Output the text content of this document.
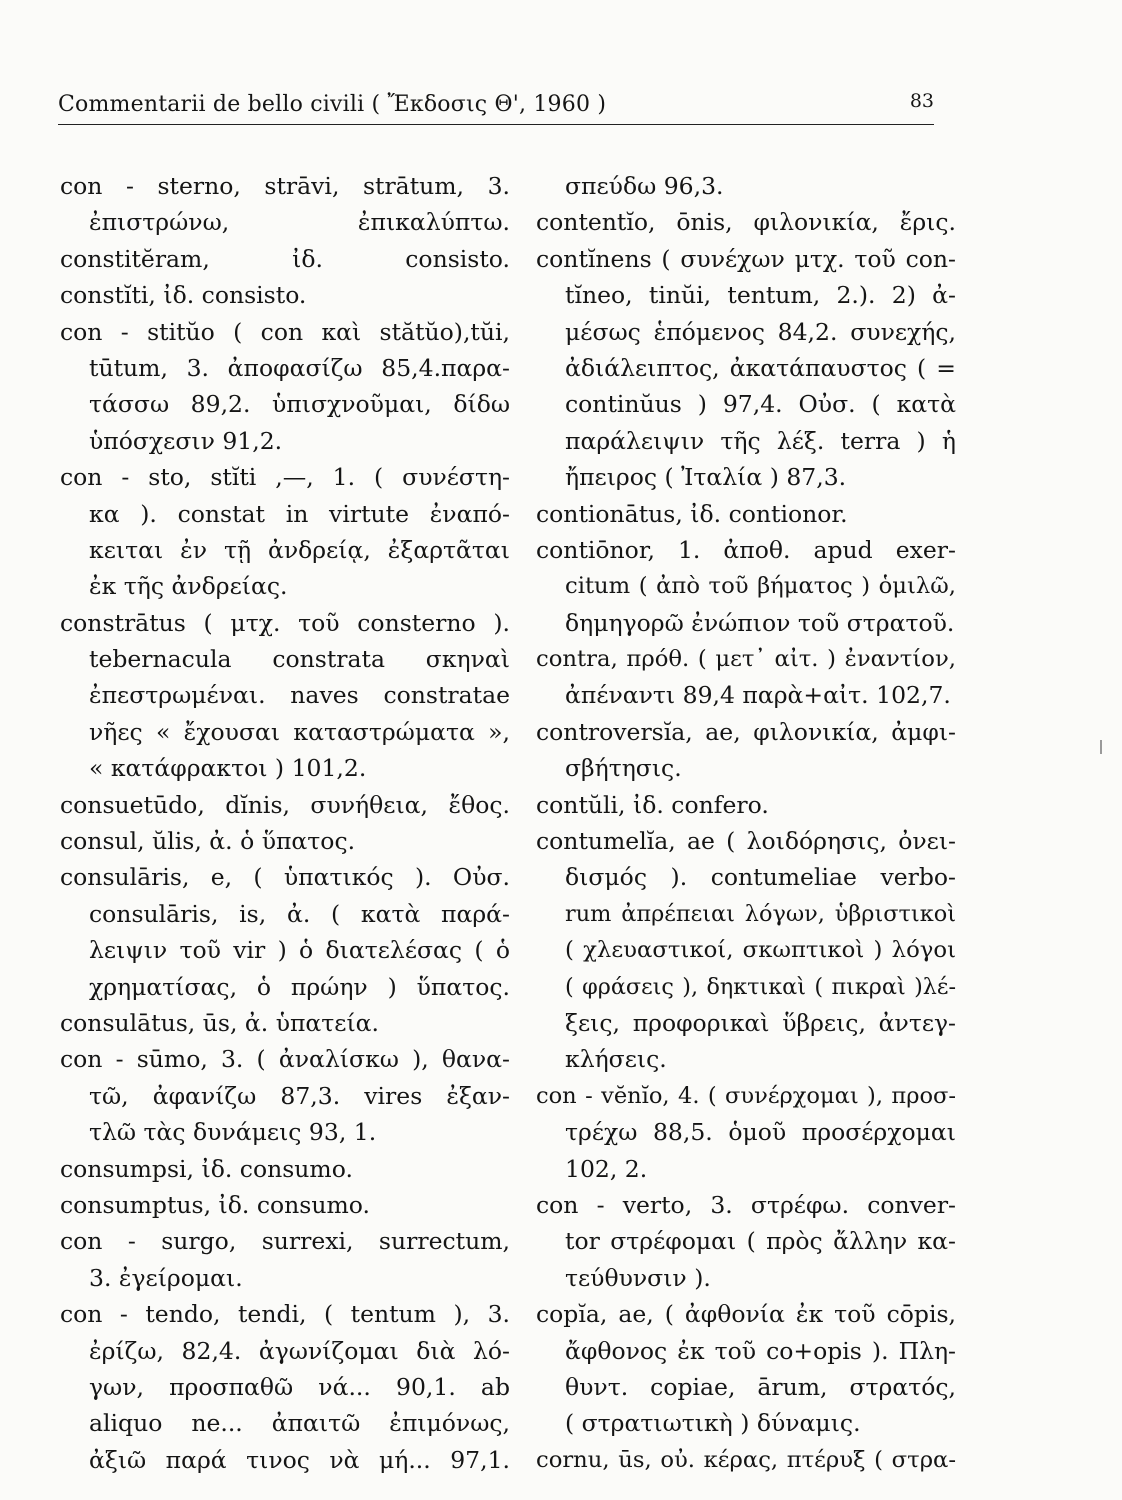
Commentarii de bello civili ( Ἔκδοσις Θ', 1960 )	83
con - sterno, strāvi, strātum, 3.
ἐπιστρώνω, ἐπικαλύπτω.
constitĕram, ἰδ. consisto.
constĭti, ἰδ. consisto.
con - stitŭo ( con καὶ stătŭo),tŭi,
tūtum, 3. ἀποφασίζω 85,4.παρα-
τάσσω 89,2. ὑπισχνοῦμαι, δίδω
ὑπόσχεσιν 91,2.
con - sto, stĭti ,—, 1. ( συνέστη-
κα ). constat in virtute ἐναπό-
κειται ἐν τῇ ἀνδρείᾳ, ἐξαρτᾶται
ἐκ τῆς ἀνδρείας.
constrātus ( μτχ. τοῦ consterno ).
tebernacula constrata σκηναὶ
ἐπεστρωμέναι. naves constratae
νῆες « ἔχουσαι καταστρώματα »,
« κατάφρακτοι ) 101,2.
consuetūdo, dĭnis, συνήθεια, ἔθος.
consul, ŭlis, ἀ. ὁ ὕπατος.
consulāris, e, ( ὑπατικός ). Οὐσ.
consulāris, is, ἀ. ( κατὰ παρά-
λειψιν τοῦ vir ) ὁ διατελέσας ( ὁ
χρηματίσας, ὁ πρώην ) ὕπατος.
consulātus, ūs, ἀ. ὑπατεία.
con - sūmo, 3. ( ἀναλίσκω ), θανα-
τῶ, ἀφανίζω 87,3. vires ἐξαν-
τλῶ τὰς δυνάμεις 93, 1.
consumpsi, ἰδ. consumo.
consumptus, ἰδ. consumo.
con - surgo, surrexi, surrectum,
3. ἐγείρομαι.
con - tendo, tendi, ( tentum ), 3.
ἐρίζω, 82,4. ἀγωνίζομαι διὰ λό-
γων, προσπαθῶ νά... 90,1. ab
aliquo ne... ἀπαιτῶ ἐπιμόνως,
ἀξιῶ παρά τινος νὰ μή... 97,1.
σπεύδω 96,3.
contentĭo, ōnis, φιλονικία, ἔρις.
contĭnens ( συνέχων μτχ. τοῦ con-
tĭneo, tinŭi, tentum, 2.). 2) ἀ-
μέσως ἑπόμενος 84,2. συνεχής,
ἀδιάλειπτος, ἀκατάπαυστος ( =
continŭus ) 97,4. Οὐσ. ( κατὰ
παράλειψιν τῆς λέξ. terra ) ἡ
ἤπειρος ( Ἰταλία ) 87,3.
contionātus, ἰδ. contionor.
contiōnor, 1. ἀποθ. apud exer-
citum ( ἀπὸ τοῦ βήματος ) ὁμιλῶ,
δημηγορῶ ἐνώπιον τοῦ στρατοῦ.
contra, πρόθ. ( μετ᾽ αἰτ. ) ἐναντίον,
ἀπέναντι 89,4 παρὰ+αἰτ. 102,7.
controversĭa, ae, φιλονικία, ἀμφι-
σβήτησις.
contŭli, ἰδ. confero.
contumelĭa, ae ( λοιδόρησις, ὀνει-
δισμός ). contumeliae verbo-
rum ἀπρέπειαι λόγων, ὑβριστικοὶ
( χλευαστικοί, σκωπτικοὶ ) λόγοι
( φράσεις ), δηκτικαὶ ( πικραὶ )λέ-
ξεις, προφορικαὶ ὕβρεις, ἀντεγ-
κλήσεις.
con - vĕnĭo, 4. ( συνέρχομαι ), προσ-
τρέχω 88,5. ὁμοῦ προσέρχομαι
102, 2.
con - verto, 3. στρέφω. conver-
tor στρέφομαι ( πρὸς ἄλλην κα-
τεύθυνσιν ).
copĭa, ae, ( ἀφθονία ἐκ τοῦ cōpis,
ἄφθονος ἐκ τοῦ co+opis ). Πλη-
θυντ. copiae, ārum, στρατός,
( στρατιωτικὴ ) δύναμις.
cornu, ūs, οὐ. κέρας, πτέρυξ ( στρα-
